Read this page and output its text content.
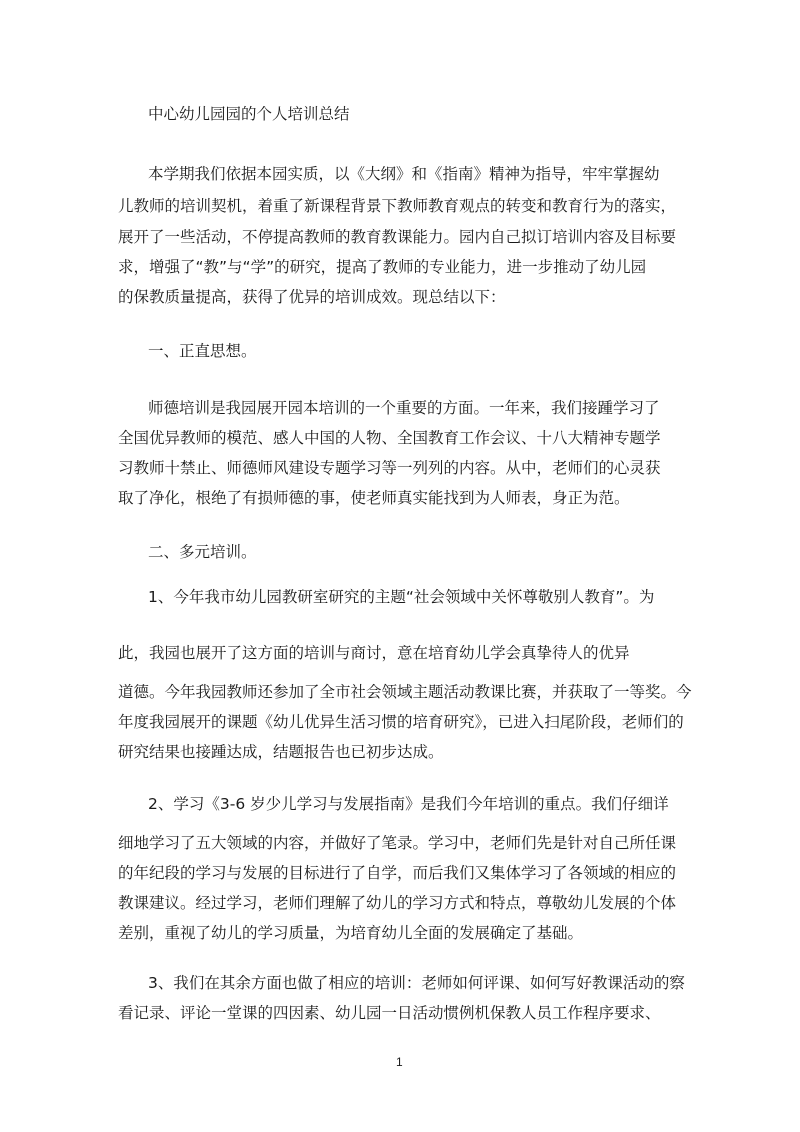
中心幼儿园园的个人培训总结
本学期我们依据本园实质，以《大纲》和《指南》精神为指导，牢牢掌握幼
儿教师的培训契机，着重了新课程背景下教师教育观点的转变和教育行为的落实，
展开了一些活动，不停提高教师的教育教课能力。园内自己拟订培训内容及目标要
求，增强了“教”与“学”的研究，提高了教师的专业能力，进一步推动了幼儿园
的保教质量提高，获得了优异的培训成效。现总结以下：
一、正直思想。
师德培训是我园展开园本培训的一个重要的方面。一年来，我们接踵学习了
全国优异教师的模范、感人中国的人物、全国教育工作会议、十八大精神专题学
习教师十禁止、师德师风建设专题学习等一列列的内容。从中，老师们的心灵获
取了净化，根绝了有损师德的事，使老师真实能找到为人师表，身正为范。
二、多元培训。
1、今年我市幼儿园教研室研究的主题“社会领域中关怀尊敬别人教育”。为
此，我园也展开了这方面的培训与商讨，意在培育幼儿学会真挚待人的优异
道德。今年我园教师还参加了全市社会领域主题活动教课比赛，并获取了一等奖。今
年度我园展开的课题《幼儿优异生活习惯的培育研究》，已进入扫尾阶段，老师们的
研究结果也接踵达成，结题报告也已初步达成。
2、学习《3-6 岁少儿学习与发展指南》是我们今年培训的重点。我们仔细详
细地学习了五大领域的内容，并做好了笔录。学习中，老师们先是针对自己所任课
的年纪段的学习与发展的目标进行了自学，而后我们又集体学习了各领域的相应的
教课建议。经过学习，老师们理解了幼儿的学习方式和特点，尊敬幼儿发展的个体
差别，重视了幼儿的学习质量，为培育幼儿全面的发展确定了基础。
3、我们在其余方面也做了相应的培训：老师如何评课、如何写好教课活动的察
看记录、评论一堂课的四因素、幼儿园一日活动惯例机保教人员工作程序要求、
1
